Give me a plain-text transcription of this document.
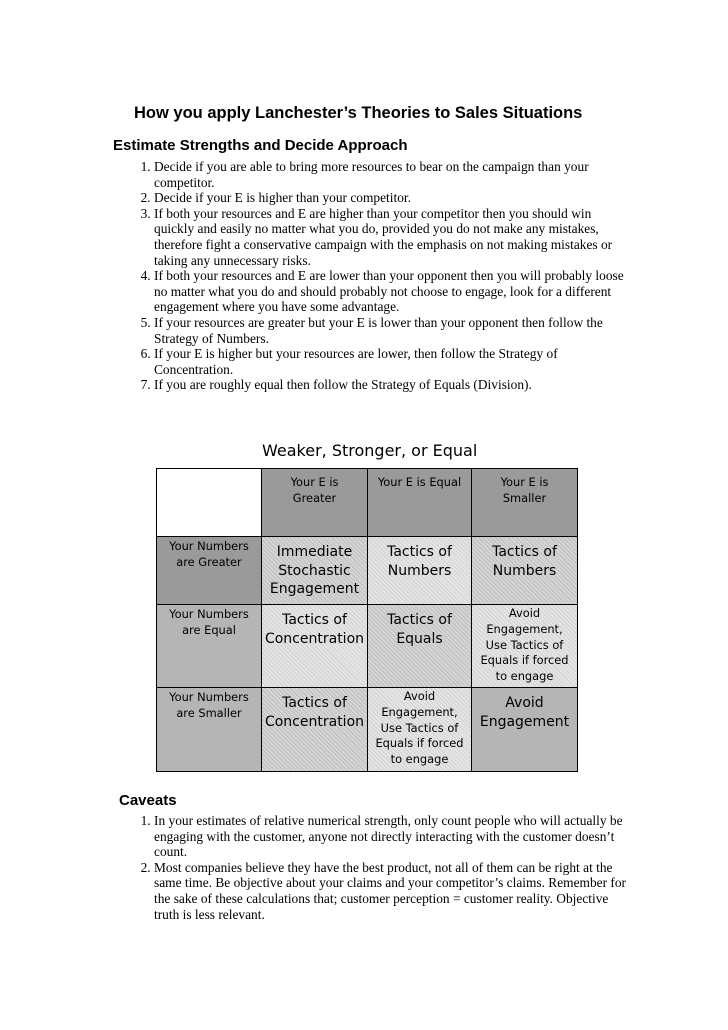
How you apply Lanchester’s Theories to Sales Situations
Estimate Strengths and Decide Approach
1. Decide if you are able to bring more resources to bear on the campaign than your competitor.
2. Decide if your E is higher than your competitor.
3. If both your resources and E are higher than your competitor then you should win quickly and easily no matter what you do, provided you do not make any mistakes, therefore fight a conservative campaign with the emphasis on not making mistakes or taking any unnecessary risks.
4. If both your resources and E are lower than your opponent then you will probably loose no matter what you do and should probably not choose to engage, look for a different engagement where you have some advantage.
5. If your resources are greater but your E is lower than your opponent then follow the Strategy of Numbers.
6. If your E is higher but your resources are lower, then follow the Strategy of Concentration.
7. If you are roughly equal then follow the Strategy of Equals (Division).
Weaker, Stronger, or Equal
Your E is Greater
Your E is Equal	Your E is Smaller
Your Numbers are Greater
Immediate Stochastic Engagement
Tactics of Numbers
Tactics of Numbers
Your Numbers are Equal
Tactics of Concentration
Tactics of Equals
Avoid Engagement, Use Tactics of Equals if forced to engage
Your Numbers are Smaller
Tactics of Concentration
Avoid Engagement, Use Tactics of Equals if forced to engage
Avoid Engagement
Caveats
1. In your estimates of relative numerical strength, only count people who will actually be engaging with the customer, anyone not directly interacting with the customer doesn’t count.
2. Most companies believe they have the best product, not all of them can be right at the same time. Be objective about your claims and your competitor’s claims. Remember for the sake of these calculations that; customer perception = customer reality. Objective truth is less relevant.
